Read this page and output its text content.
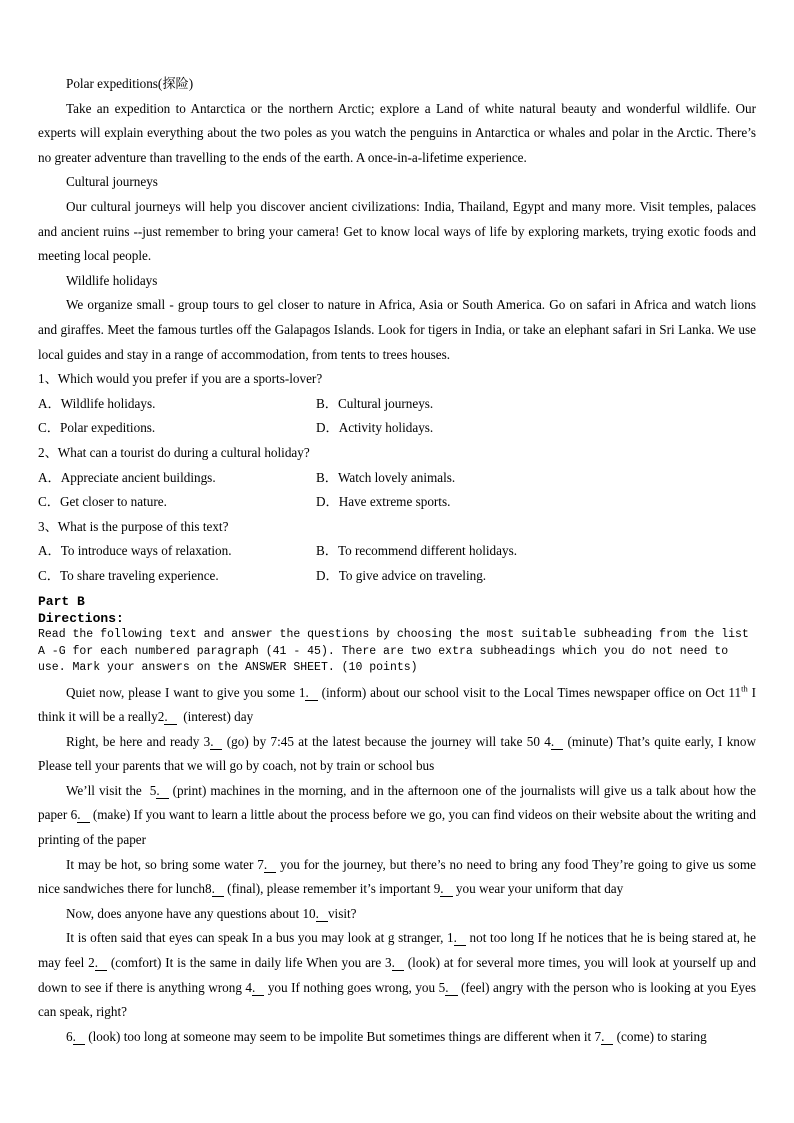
Polar expeditions(探险)

Take an expedition to Antarctica or the northern Arctic; explore a Land of white natural beauty and wonderful wildlife. Our experts will explain everything about the two poles as you watch the penguins in Antarctica or whales and polar in the Arctic. There’s no greater adventure than travelling to the ends of the earth. A once-in-a-lifetime experience.

Cultural journeys

Our cultural journeys will help you discover ancient civilizations: India, Thailand, Egypt and many more. Visit temples, palaces and ancient ruins --just remember to bring your camera! Get to know local ways of life by exploring markets, trying exotic foods and meeting local people.

Wildlife holidays

We organize small - group tours to gel closer to nature in Africa, Asia or South America. Go on safari in Africa and watch lions and giraffes. Meet the famous turtles off the Galapagos Islands. Look for tigers in India, or take an elephant safari in Sri Lanka. We use local guides and stay in a range of accommodation, from tents to trees houses.

1、Which would you prefer if you are a sports-lover?

A．Wildlife holidays.	B．Cultural journeys.
C．Polar expeditions.	D．Activity holidays.

2、What can a tourist do during a cultural holiday?

A．Appreciate ancient buildings.	B．Watch lovely animals.
C．Get closer to nature.	D．Have extreme sports.

3、What is the purpose of this text?

A．To introduce ways of relaxation.	B．To recommend different holidays.
C．To share traveling experience.	D．To give advice on traveling.
Part B
Directions:
Read the following text and answer the questions by choosing the most suitable subheading from the list A -G for each numbered paragraph (41 - 45). There are two extra subheadings which you do not need to use. Mark your answers on the ANSWER SHEET. (10 points)

Quiet now, please I want to give you some 1. (inform) about our school visit to the Local Times newspaper office on Oct 11th I think it will be a really2.  (interest) day

Right, be here and ready 3. (go) by 7:45 at the latest because the journey will take 50 4. (minute) That’s quite early, I know Please tell your parents that we will go by coach, not by train or school bus

We’ll visit the  5. (print) machines in the morning, and in the afternoon one of the journalists will give us a talk about how the paper 6. (make) If you want to learn a little about the process before we go, you can find videos on their website about the writing and printing of the paper

It may be hot, so bring some water 7. you for the journey, but there’s no need to bring any food They’re going to give us some nice sandwiches there for lunch8. (final), please remember it’s important 9. you wear your uniform that day

Now, does anyone have any questions about 10. visit?

It is often said that eyes can speak In a bus you may look at g stranger, 1. not too long If he notices that he is being stared at, he may feel 2. (comfort) It is the same in daily life When you are 3. (look) at for several more times, you will look at yourself up and down to see if there is anything wrong 4. you If nothing goes wrong, you 5. (feel) angry with the person who is looking at you Eyes can speak, right?

6. (look) too long at someone may seem to be impolite But sometimes things are different when it 7. (come) to staring
